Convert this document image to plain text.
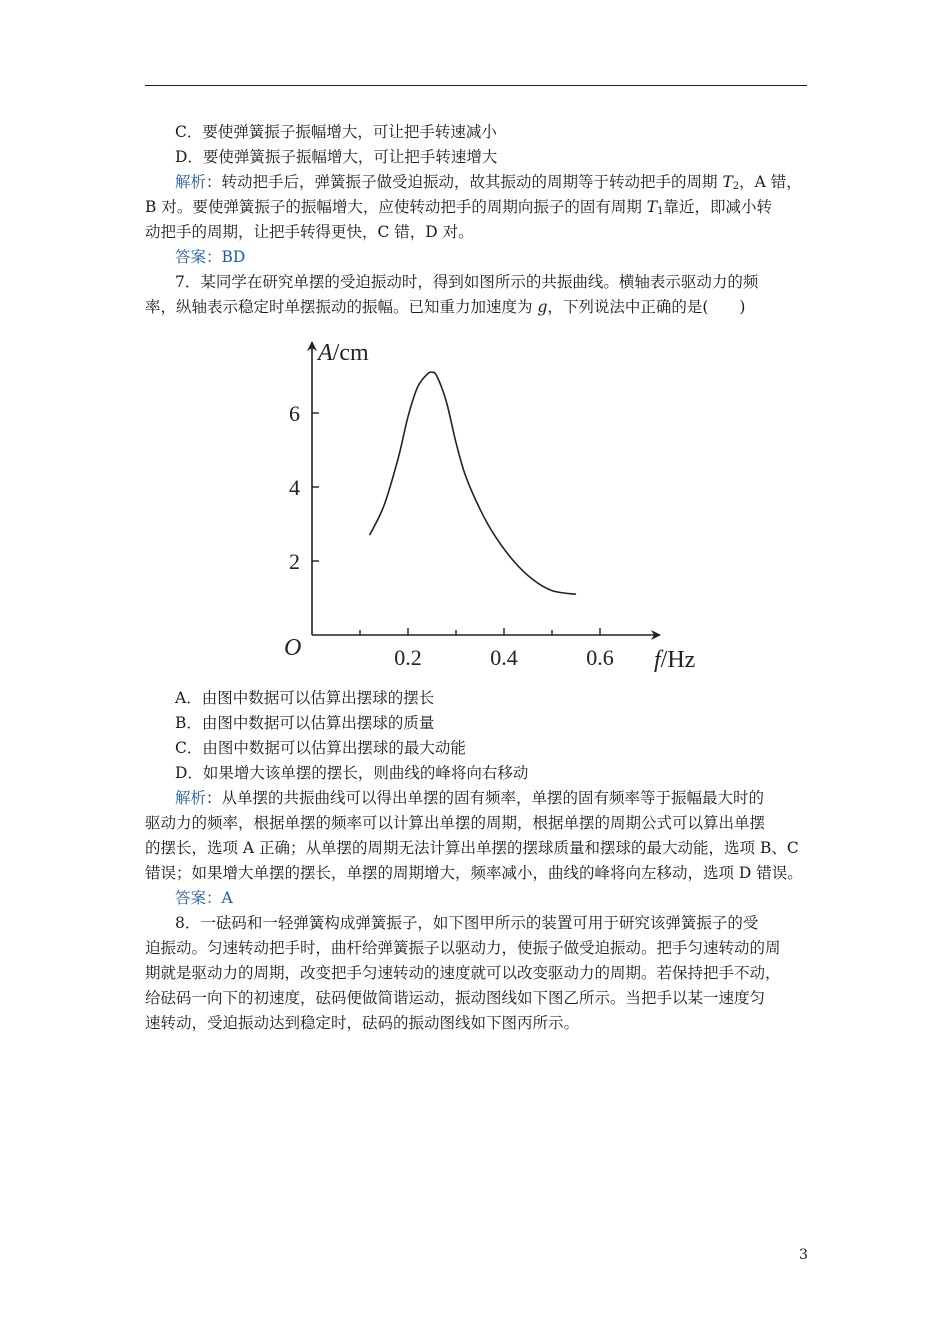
C．要使弹簧振子振幅增大，可让把手转速减小
D．要使弹簧振子振幅增大，可让把手转速增大
解析：转动把手后，弹簧振子做受迫振动，故其振动的周期等于转动把手的周期 $T_2$，A 错，
B 对。要使弹簧振子的振幅增大，应使转动把手的周期向振子的固有周期 $T_1$靠近，即减小转
动把手的周期，让把手转得更快，C 错，D 对。
答案：BD
7．某同学在研究单摆的受迫振动时，得到如图所示的共振曲线。横轴表示驱动力的频
率，纵轴表示稳定时单摆振动的振幅。已知重力加速度为 g，下列说法中正确的是(　　)
0.2	0.4	0.6
2
4
6
O
A/cm
f/Hz
A．由图中数据可以估算出摆球的摆长
B．由图中数据可以估算出摆球的质量
C．由图中数据可以估算出摆球的最大动能
D．如果增大该单摆的摆长，则曲线的峰将向右移动
解析：从单摆的共振曲线可以得出单摆的固有频率，单摆的固有频率等于振幅最大时的
驱动力的频率，根据单摆的频率可以计算出单摆的周期，根据单摆的周期公式可以算出单摆
的摆长，选项 A 正确；从单摆的周期无法计算出单摆的摆球质量和摆球的最大动能，选项 B、C
错误；如果增大单摆的摆长，单摆的周期增大，频率减小，曲线的峰将向左移动，选项 D 错误。
答案：A
8．一砝码和一轻弹簧构成弹簧振子，如下图甲所示的装置可用于研究该弹簧振子的受
迫振动。匀速转动把手时，曲杆给弹簧振子以驱动力，使振子做受迫振动。把手匀速转动的周
期就是驱动力的周期，改变把手匀速转动的速度就可以改变驱动力的周期。若保持把手不动，
给砝码一向下的初速度，砝码便做简谐运动，振动图线如下图乙所示。当把手以某一速度匀
速转动，受迫振动达到稳定时，砝码的振动图线如下图丙所示。
3
